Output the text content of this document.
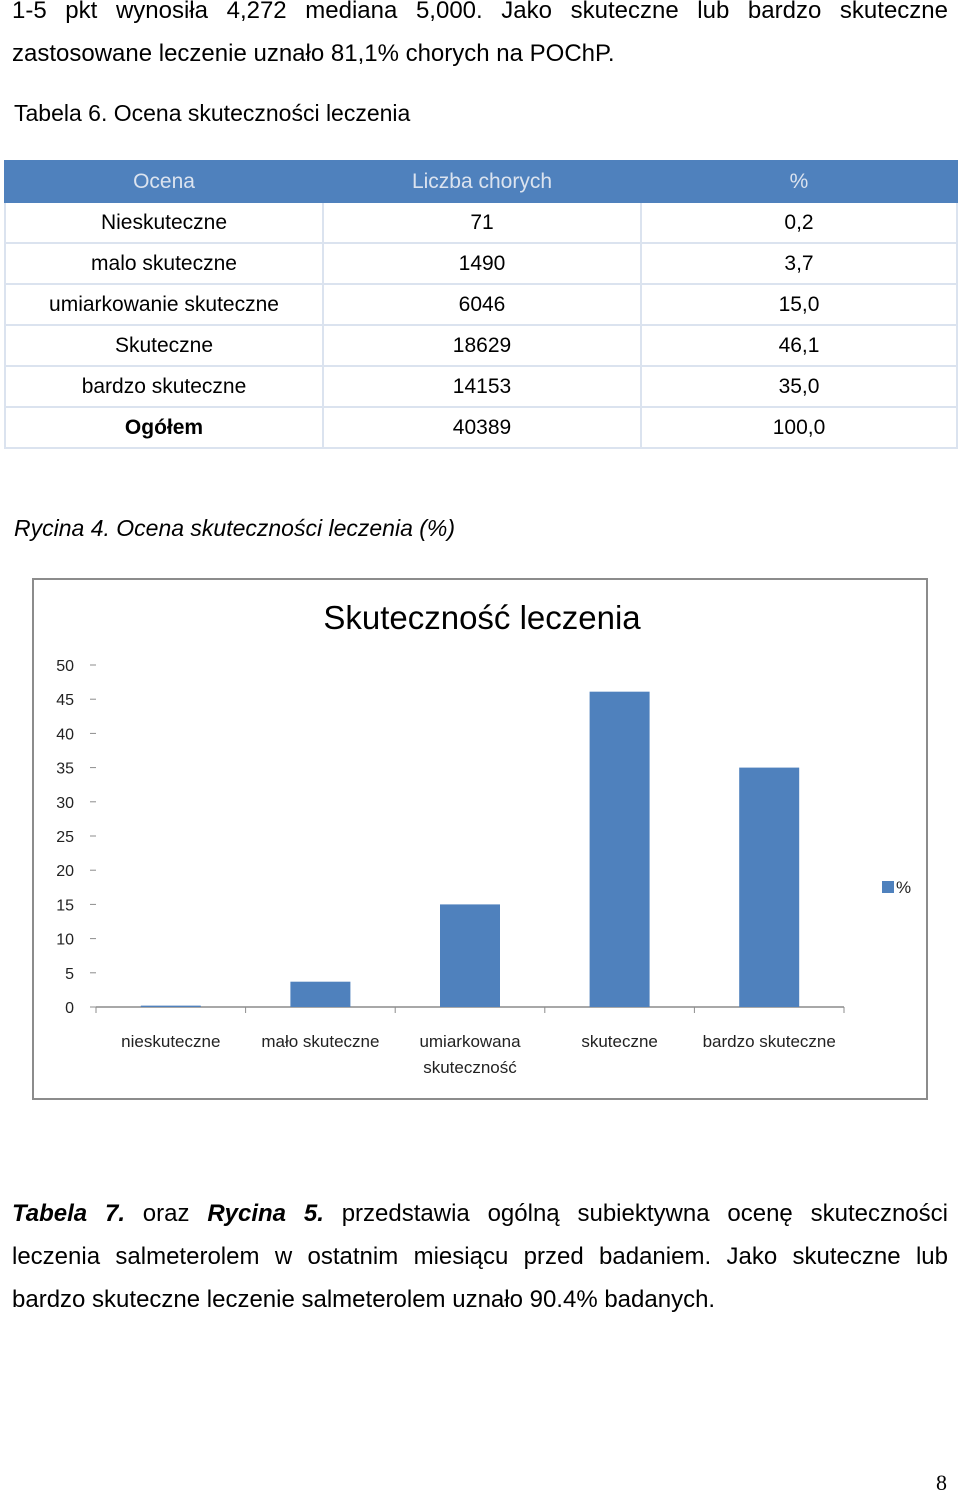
1-5 pkt wynosiła 4,272 mediana 5,000. Jako skuteczne lub bardzo skuteczne
zastosowane leczenie uznało 81,1% chorych na POChP.

Tabela 6. Ocena skuteczności leczenia
Ocena	Liczba chorych	%
Nieskuteczne	71	0,2
malo skuteczne	1490	3,7
umiarkowanie skuteczne	6046	15,0
Skuteczne	18629	46,1
bardzo skuteczne	14153	35,0
Ogółem	40389	100,0
Rycina 4. Ocena skuteczności leczenia (%)
Skuteczność leczenia
0
5
10
15
20
25
30
35
40
45
50
nieskuteczne mało skuteczne umiarkowana
skuteczność
skuteczne	bardzo skuteczne
%

Tabela 7. oraz Rycina 5. przedstawia ogólną subiektywna ocenę skuteczności
leczenia salmeterolem w ostatnim miesiącu przed badaniem. Jako skuteczne lub
bardzo skuteczne leczenie salmeterolem uznało 90.4% badanych.

8
